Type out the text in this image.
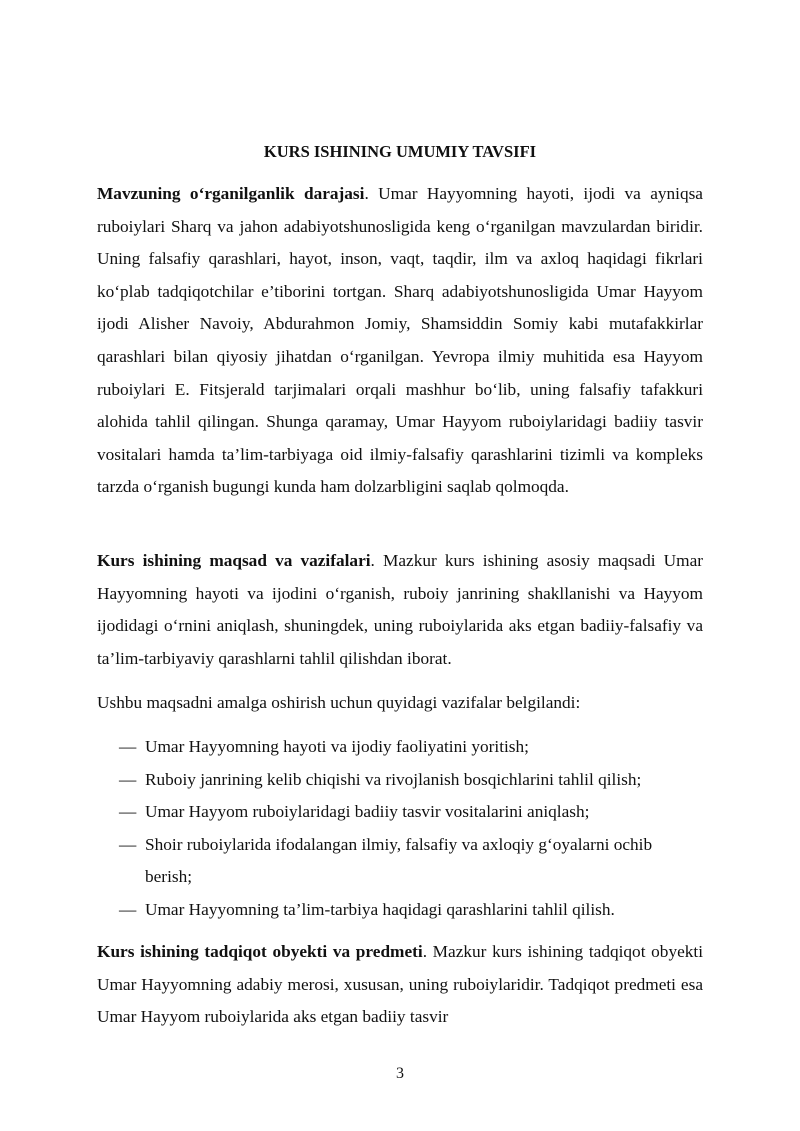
KURS ISHINING UMUMIY TAVSIFI

Mavzuning o‘rganilganlik darajasi. Umar Hayyomning hayoti, ijodi va ayniqsa ruboiylari Sharq va jahon adabiyotshunosligida keng o‘rganilgan mavzulardan biridir. Uning falsafiy qarashlari, hayot, inson, vaqt, taqdir, ilm va axloq haqidagi fikrlari ko‘plab tadqiqotchilar e’tiborini tortgan. Sharq adabiyotshunosligida Umar Hayyom ijodi Alisher Navoiy, Abdurahmon Jomiy, Shamsiddin Somiy kabi mutafakkirlar qarashlari bilan qiyosiy jihatdan o‘rganilgan. Yevropa ilmiy muhitida esa Hayyom ruboiylari E. Fitsjerald tarjimalari orqali mashhur bo‘lib, uning falsafiy tafakkuri alohida tahlil qilingan. Shunga qaramay, Umar Hayyom ruboiylaridagi badiiy tasvir vositalari hamda ta’lim-tarbiyaga oid ilmiy-falsafiy qarashlarini tizimli va kompleks tarzda o‘rganish bugungi kunda ham dolzarbligini saqlab qolmoqda.

Kurs ishining maqsad va vazifalari. Mazkur kurs ishining asosiy maqsadi Umar Hayyomning hayoti va ijodini o‘rganish, ruboiy janrining shakllanishi va Hayyom ijodidagi o‘rnini aniqlash, shuningdek, uning ruboiylarida aks etgan badiiy-falsafiy va ta’lim-tarbiyaviy qarashlarni tahlil qilishdan iborat.

Ushbu maqsadni amalga oshirish uchun quyidagi vazifalar belgilandi:

— Umar Hayyomning hayoti va ijodiy faoliyatini yoritish;
— Ruboiy janrining kelib chiqishi va rivojlanish bosqichlarini tahlil qilish;
— Umar Hayyom ruboiylaridagi badiiy tasvir vositalarini aniqlash;
— Shoir ruboiylarida ifodalangan ilmiy, falsafiy va axloqiy g‘oyalarni ochib berish;
— Umar Hayyomning ta’lim-tarbiya haqidagi qarashlarini tahlil qilish.

Kurs ishining tadqiqot obyekti va predmeti. Mazkur kurs ishining tadqiqot obyekti Umar Hayyomning adabiy merosi, xususan, uning ruboiylaridir. Tadqiqot predmeti esa Umar Hayyom ruboiylarida aks etgan badiiy tasvir

3
